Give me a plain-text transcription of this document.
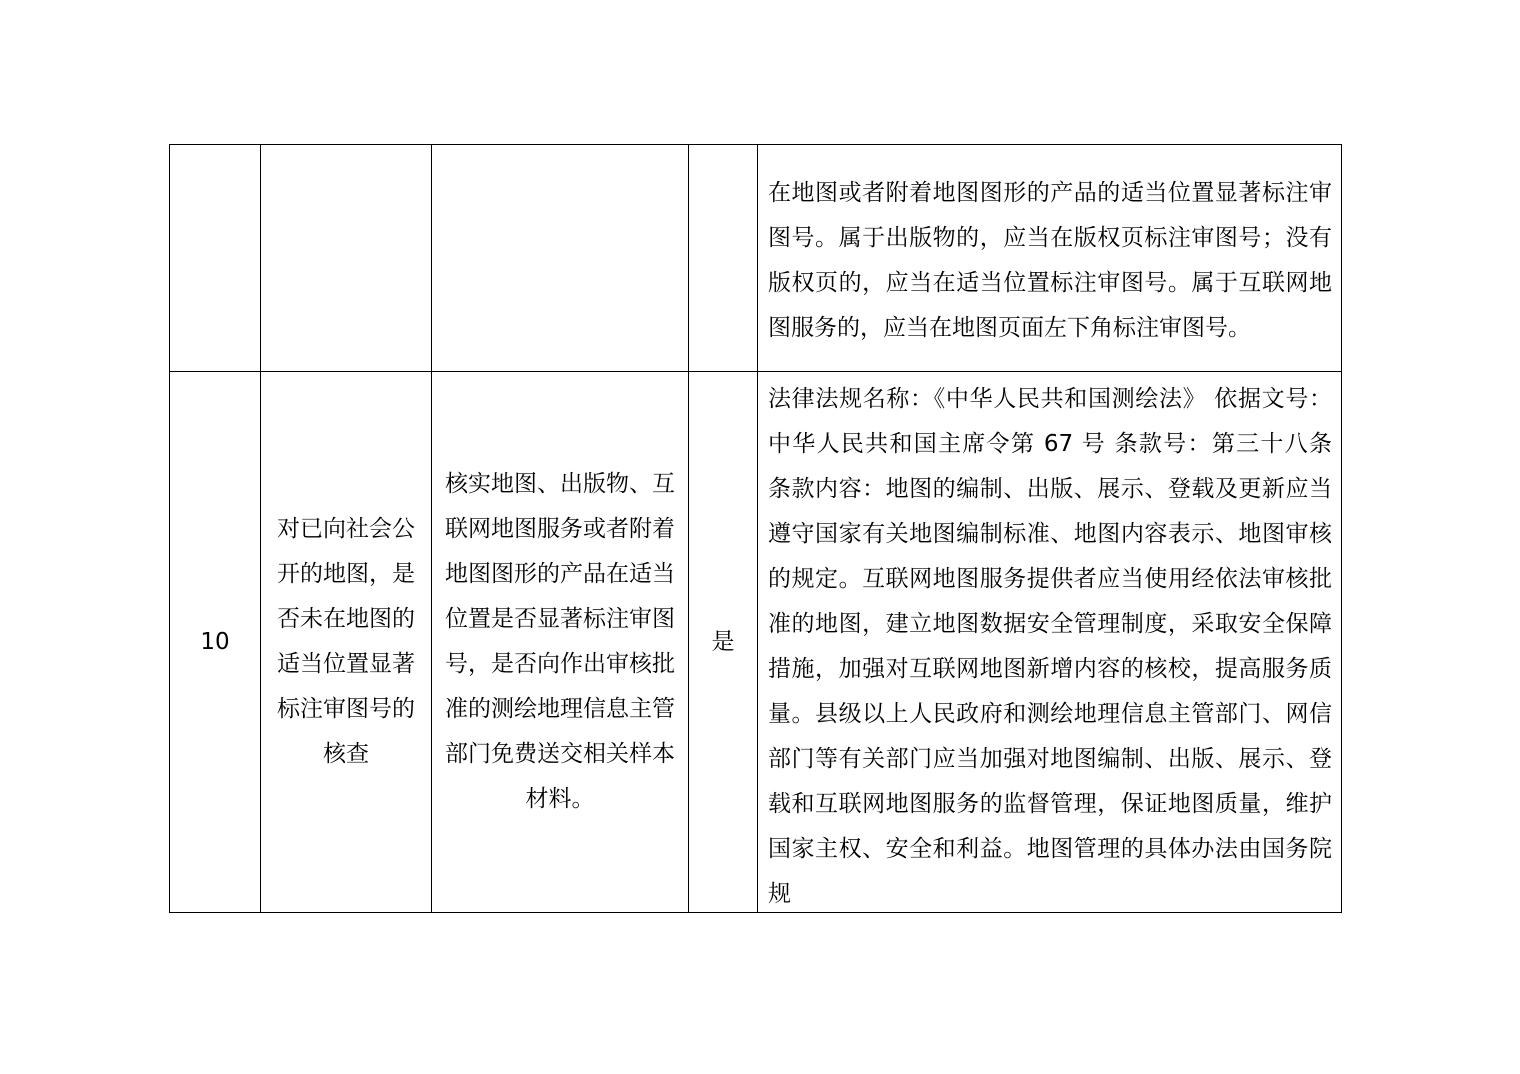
				在地图或者附着地图图形的产品的适当位置显著标注审图号。属于出版物的，应当在版权页标注审图号；没有版权页的，应当在适当位置标注审图号。属于互联网地图服务的，应当在地图页面左下角标注审图号。

10	对已向社会公开的地图，是否未在地图的适当位置显著标注审图号的核查	核实地图、出版物、互联网地图服务或者附着地图图形的产品在适当位置是否显著标注审图号，是否向作出审核批准的测绘地理信息主管部门免费送交相关样本材料。	是	法律法规名称：《中华人民共和国测绘法》 依据文号：中华人民共和国主席令第 67 号 条款号：第三十八条 条款内容：地图的编制、出版、展示、登载及更新应当遵守国家有关地图编制标准、地图内容表示、地图审核的规定。互联网地图服务提供者应当使用经依法审核批准的地图，建立地图数据安全管理制度，采取安全保障措施，加强对互联网地图新增内容的核校，提高服务质量。县级以上人民政府和测绘地理信息主管部门、网信部门等有关部门应当加强对地图编制、出版、展示、登载和互联网地图服务的监督管理，保证地图质量，维护国家主权、安全和利益。地图管理的具体办法由国务院规
